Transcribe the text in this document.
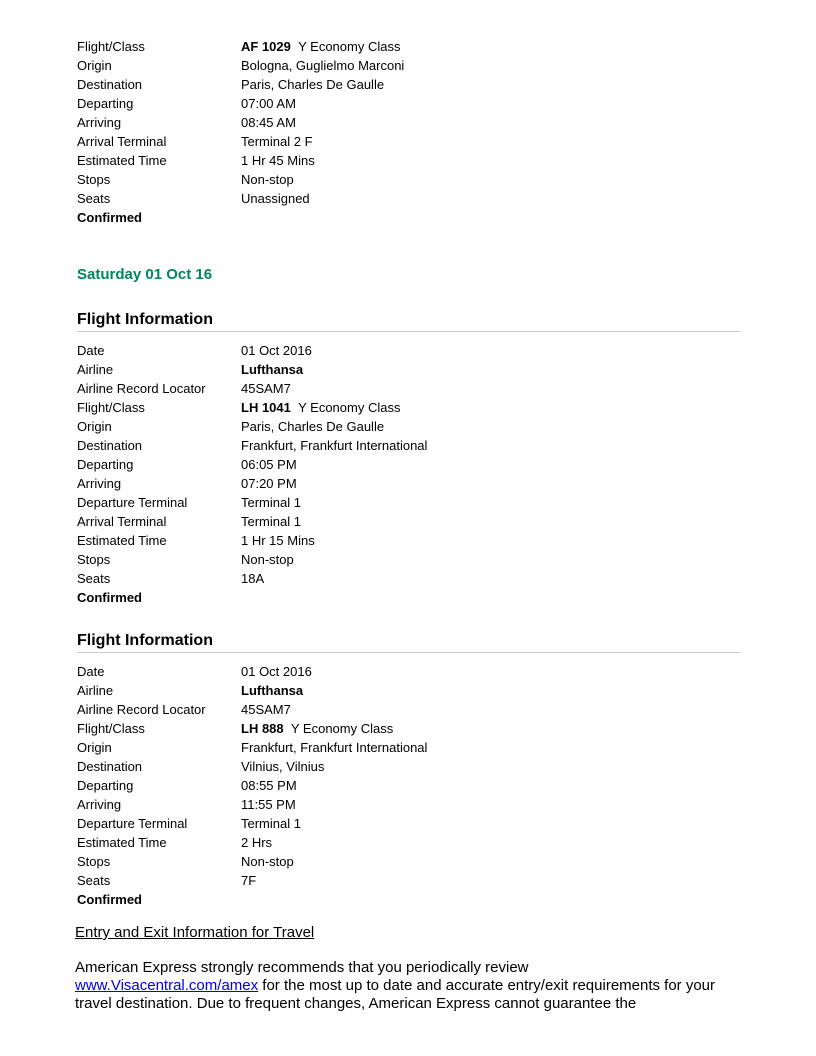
Flight/Class	AF 1029 Y Economy Class
Origin	Bologna, Guglielmo Marconi
Destination	Paris, Charles De Gaulle
Departing	07:00 AM
Arriving	08:45 AM
Arrival Terminal	Terminal 2 F
Estimated Time	1 Hr 45 Mins
Stops	Non-stop
Seats	Unassigned
Confirmed
Saturday 01 Oct 16
Flight Information
Date	01 Oct 2016
Airline	Lufthansa
Airline Record Locator	45SAM7
Flight/Class	LH 1041 Y Economy Class
Origin	Paris, Charles De Gaulle
Destination	Frankfurt, Frankfurt International
Departing	06:05 PM
Arriving	07:20 PM
Departure Terminal	Terminal 1
Arrival Terminal	Terminal 1
Estimated Time	1 Hr 15 Mins
Stops	Non-stop
Seats	18A
Confirmed
Flight Information
Date	01 Oct 2016
Airline	Lufthansa
Airline Record Locator	45SAM7
Flight/Class	LH 888 Y Economy Class
Origin	Frankfurt, Frankfurt International
Destination	Vilnius, Vilnius
Departing	08:55 PM
Arriving	11:55 PM
Departure Terminal	Terminal 1
Estimated Time	2 Hrs
Stops	Non-stop
Seats	7F
Confirmed
Entry and Exit Information for Travel
American Express strongly recommends that you periodically review
www.Visacentral.com/amex for the most up to date and accurate entry/exit requirements for your travel destination. Due to frequent changes, American Express cannot guarantee the
